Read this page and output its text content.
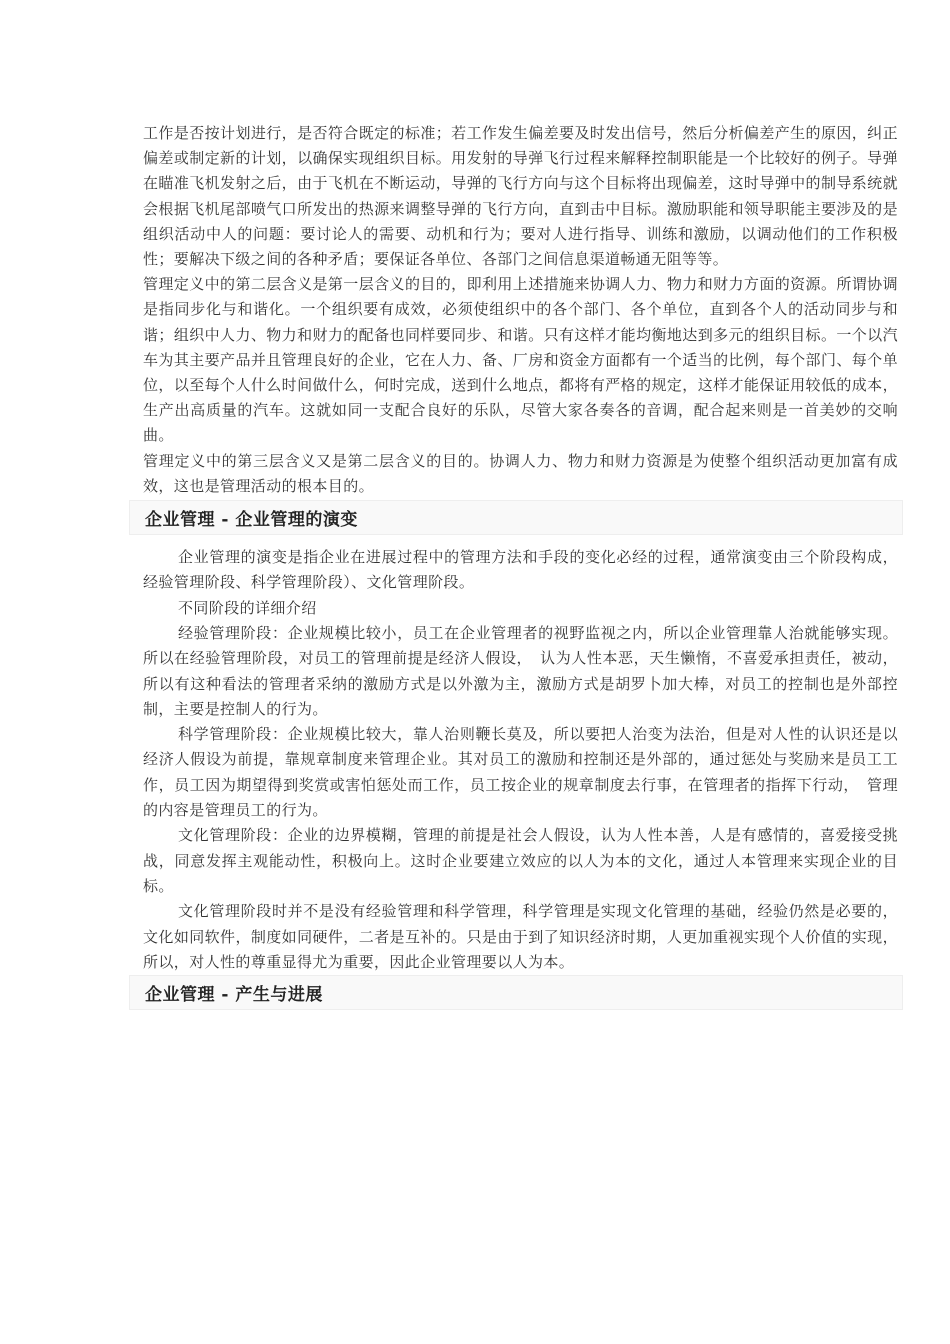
工作是否按计划进行，是否符合既定的标准；若工作发生偏差要及时发出信号，然后分析偏差产生的原因，纠正偏差或制定新的计划，以确保实现组织目标。用发射的导弹飞行过程来解释控制职能是一个比较好的例子。导弹在瞄准飞机发射之后，由于飞机在不断运动，导弹的飞行方向与这个目标将出现偏差，这时导弹中的制导系统就会根据飞机尾部喷气口所发出的热源来调整导弹的飞行方向，直到击中目标。激励职能和领导职能主要涉及的是组织活动中人的问题：要讨论人的需要、动机和行为；要对人进行指导、训练和激励，以调动他们的工作积极性；要解决下级之间的各种矛盾；要保证各单位、各部门之间信息渠道畅通无阻等等。

管理定义中的第二层含义是第一层含义的目的，即利用上述措施来协调人力、物力和财力方面的资源。所谓协调是指同步化与和谐化。一个组织要有成效，必须使组织中的各个部门、各个单位，直到各个人的活动同步与和谐；组织中人力、物力和财力的配备也同样要同步、和谐。只有这样才能均衡地达到多元的组织目标。一个以汽车为其主要产品并且管理良好的企业，它在人力、备、厂房和资金方面都有一个适当的比例，每个部门、每个单位，以至每个人什么时间做什么，何时完成，送到什么地点，都将有严格的规定，这样才能保证用较低的成本，生产出高质量的汽车。这就如同一支配合良好的乐队，尽管大家各奏各的音调，配合起来则是一首美妙的交响曲。

管理定义中的第三层含义又是第二层含义的目的。协调人力、物力和财力资源是为使整个组织活动更加富有成效，这也是管理活动的根本目的。

企业管理 - 企业管理的演变

企业管理的演变是指企业在进展过程中的管理方法和手段的变化必经的过程，通常演变由三个阶段构成，经验管理阶段、科学管理阶段）、文化管理阶段。

不同阶段的详细介绍

经验管理阶段：企业规模比较小，员工在企业管理者的视野监视之内，所以企业管理靠人治就能够实现。所以在经验管理阶段，对员工的管理前提是经济人假设，　认为人性本恶，天生懒惰，不喜爱承担责任，被动，所以有这种看法的管理者采纳的激励方式是以外激为主，激励方式是胡罗卜加大棒，对员工的控制也是外部控制，主要是控制人的行为。

科学管理阶段：企业规模比较大，靠人治则鞭长莫及，所以要把人治变为法治，但是对人性的认识还是以经济人假设为前提，靠规章制度来管理企业。其对员工的激励和控制还是外部的，通过惩处与奖励来是员工工作，员工因为期望得到奖赏或害怕惩处而工作，员工按企业的规章制度去行事，在管理者的指挥下行动，　管理的内容是管理员工的行为。

文化管理阶段：企业的边界模糊，管理的前提是社会人假设，认为人性本善，人是有感情的，喜爱接受挑战，同意发挥主观能动性，积极向上。这时企业要建立效应的以人为本的文化，通过人本管理来实现企业的目标。

文化管理阶段时并不是没有经验管理和科学管理，科学管理是实现文化管理的基础，经验仍然是必要的，文化如同软件，制度如同硬件，二者是互补的。只是由于到了知识经济时期，人更加重视实现个人价值的实现，所以，对人性的尊重显得尤为重要，因此企业管理要以人为本。

企业管理 - 产生与进展
